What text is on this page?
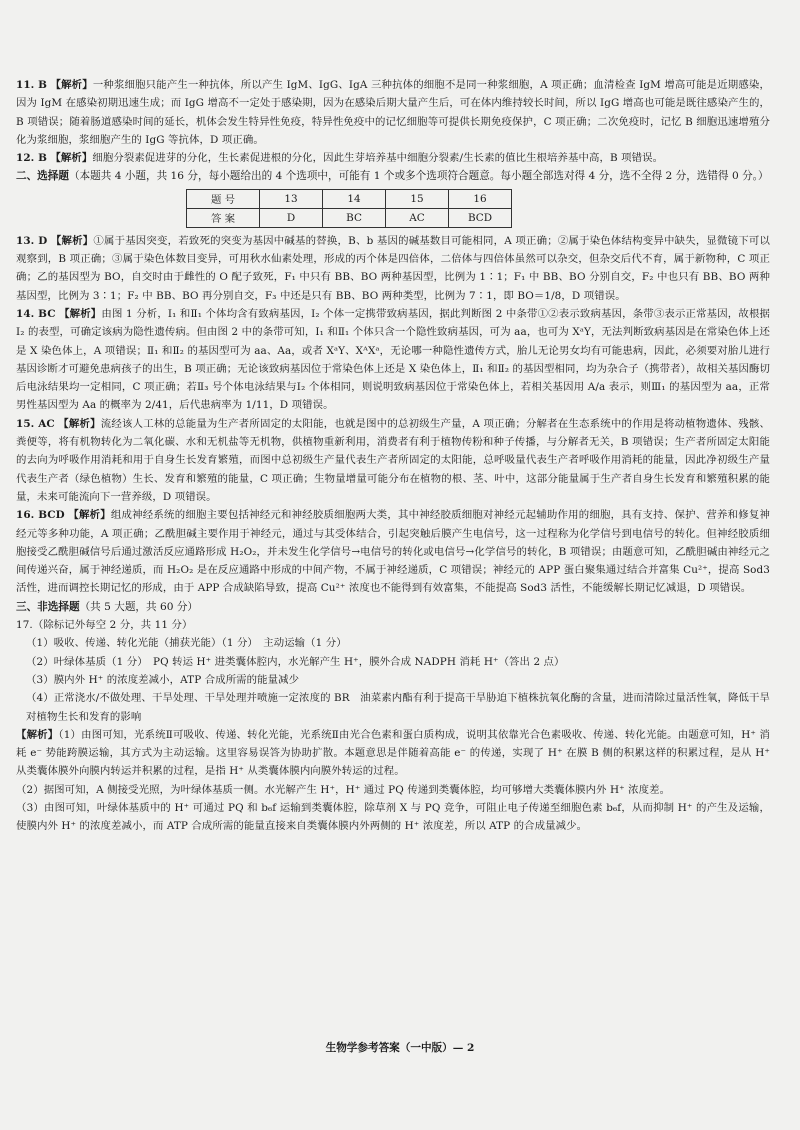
11. B 【解析】一种浆细胞只能产生一种抗体，所以产生 IgM、IgG、IgA 三种抗体的细胞不是同一种浆细胞，A 项正确；血清检查 IgM 增高可能是近期感染，因为 IgM 在感染初期迅速生成；而 IgG 增高不一定处于感染期，因为在感染后期大量产生后，可在体内维持较长时间，所以 IgG 增高也可能是既往感染产生的，B 项错误；随着肠道感染时间的延长，机体会发生特异性免疫，特异性免疫中的记忆细胞等可提供长期免疫保护，C 项正确；二次免疫时，记忆 B 细胞迅速增殖分化为浆细胞，浆细胞产生的 IgG 等抗体，D 项正确。

12. B 【解析】细胞分裂素促进芽的分化，生长素促进根的分化，因此生芽培养基中细胞分裂素/生长素的值比生根培养基中高，B 项错误。

二、选择题（本题共 4 小题，共 16 分，每小题给出的 4 个选项中，可能有 1 个或多个选项符合题意。每小题全部选对得 4 分，选不全得 2 分，选错得 0 分。）

题 号	13	14	15	16
答 案	D	BC	AC	BCD

13. D 【解析】①属于基因突变，若致死的突变为基因中碱基的替换，B、b 基因的碱基数目可能相同，A 项正确；②属于染色体结构变异中缺失，显微镜下可以观察到，B 项正确；③属于染色体数目变异，可用秋水仙素处理，形成的丙个体是四倍体，二倍体与四倍体虽然可以杂交，但杂交后代不育，属于新物种，C 项正确；乙的基因型为 BO，自交时由于雌性的 O 配子致死，F₁ 中只有 BB、BO 两种基因型，比例为 1∶1；F₁ 中 BB、BO 分别自交，F₂ 中也只有 BB、BO 两种基因型，比例为 3∶1；F₂ 中 BB、BO 再分别自交，F₃ 中还是只有 BB、BO 两种类型，比例为 7∶1，即 BO＝1/8，D 项错误。

14. BC 【解析】由图 1 分析，Ⅰ₁ 和Ⅱ₁ 个体均含有致病基因，Ⅰ₂ 个体一定携带致病基因，据此判断图 2 中条带①②表示致病基因，条带③表示正常基因，故根据Ⅰ₂ 的表型，可确定该病为隐性遗传病。但由图 2 中的条带可知，Ⅰ₁ 和Ⅱ₁ 个体只含一个隐性致病基因，可为 aa，也可为 XᵃY，无法判断致病基因是在常染色体上还是 X 染色体上，A 项错误；Ⅱ₁ 和Ⅱ₂ 的基因型可为 aa、Aa，或者 XᵃY、XᴬXᵃ，无论哪一种隐性遗传方式，胎儿无论男女均有可能患病，因此，必须要对胎儿进行基因诊断才可避免患病孩子的出生，B 项正确；无论该致病基因位于常染色体上还是 X 染色体上，Ⅱ₁ 和Ⅱ₂ 的基因型相同，均为杂合子（携带者），故相关基因酶切后电泳结果均一定相同，C 项正确；若Ⅱ₃ 号个体电泳结果与Ⅰ₂ 个体相同，则说明致病基因位于常染色体上，若相关基因用 A/a 表示，则Ⅲ₁ 的基因型为 aa，正常男性基因型为 Aa 的概率为 2/41，后代患病率为 1/11，D 项错误。

15. AC 【解析】流经该人工林的总能量为生产者所固定的太阳能，也就是图中的总初级生产量，A 项正确；分解者在生态系统中的作用是将动植物遗体、残骸、粪便等，将有机物转化为二氧化碳、水和无机盐等无机物，供植物重新利用，消费者有利于植物传粉和种子传播，与分解者无关，B 项错误；生产者所固定太阳能的去向为呼吸作用消耗和用于自身生长发育繁殖，而图中总初级生产量代表生产者所固定的太阳能，总呼吸量代表生产者呼吸作用消耗的能量，因此净初级生产量代表生产者（绿色植物）生长、发育和繁殖的能量，C 项正确；生物量增量可能分布在植物的根、茎、叶中，这部分能量属于生产者自身生长发育和繁殖积累的能量，未来可能流向下一营养级，D 项错误。

16. BCD 【解析】组成神经系统的细胞主要包括神经元和神经胶质细胞两大类，其中神经胶质细胞对神经元起辅助作用的细胞，具有支持、保护、营养和修复神经元等多种功能，A 项正确；乙酰胆碱主要作用于神经元，通过与其受体结合，引起突触后膜产生电信号，这一过程称为化学信号到电信号的转化。但神经胶质细胞接受乙酰胆碱信号后通过激活反应通路形成 H₂O₂，并未发生化学信号→电信号的转化或电信号→化学信号的转化，B 项错误；由题意可知，乙酰胆碱由神经元之间传递兴奋，属于神经递质，而 H₂O₂ 是在反应通路中形成的中间产物，不属于神经递质，C 项错误；神经元的 APP 蛋白聚集通过结合并富集 Cu²⁺，提高 Sod3 活性，进而调控长期记忆的形成，由于 APP 合成缺陷导致，提高 Cu²⁺ 浓度也不能得到有效富集，不能提高 Sod3 活性，不能缓解长期记忆减退，D 项错误。

三、非选择题（共 5 大题，共 60 分）

17.（除标记外每空 2 分，共 11 分）

（1）吸收、传递、转化光能（捕获光能）（1 分）　主动运输（1 分）

（2）叶绿体基质（1 分）　PQ 转运 H⁺ 进类囊体腔内，水光解产生 H⁺，膜外合成 NADPH 消耗 H⁺（答出 2 点）

（3）膜内外 H⁺ 的浓度差减小，ATP 合成所需的能量减少

（4）正常浇水/不做处理、干旱处理、干旱处理并喷施一定浓度的 BR　油菜素内酯有利于提高干旱胁迫下植株抗氧化酶的含量，进而清除过量活性氧，降低干旱对植物生长和发育的影响

【解析】（1）由图可知，光系统Ⅱ可吸收、传递、转化光能，光系统Ⅱ由光合色素和蛋白质构成，说明其依靠光合色素吸收、传递、转化光能。由题意可知，H⁺ 消耗 e⁻ 势能跨膜运输，其方式为主动运输。这里容易误答为协助扩散。本题意思是伴随着高能 e⁻ 的传递，实现了 H⁺ 在膜 B 侧的积累这样的积累过程，是从 H⁺ 从类囊体膜外向膜内转运并积累的过程，是指 H⁺ 从类囊体膜内向膜外转运的过程。

（2）据图可知，A 侧接受光照，为叶绿体基质一侧。水光解产生 H⁺，H⁺ 通过 PQ 传递到类囊体腔，均可够增大类囊体膜内外 H⁺ 浓度差。

（3）由图可知，叶绿体基质中的 H⁺ 可通过 PQ 和 b₆f 运输到类囊体腔，除草剂 X 与 PQ 竞争，可阻止电子传递至细胞色素 b₆f，从而抑制 H⁺ 的产生及运输，使膜内外 H⁺ 的浓度差减小，而 ATP 合成所需的能量直接来自类囊体膜内外两侧的 H⁺ 浓度差，所以 ATP 的合成量减少。

生物学参考答案（一中版）— 2
